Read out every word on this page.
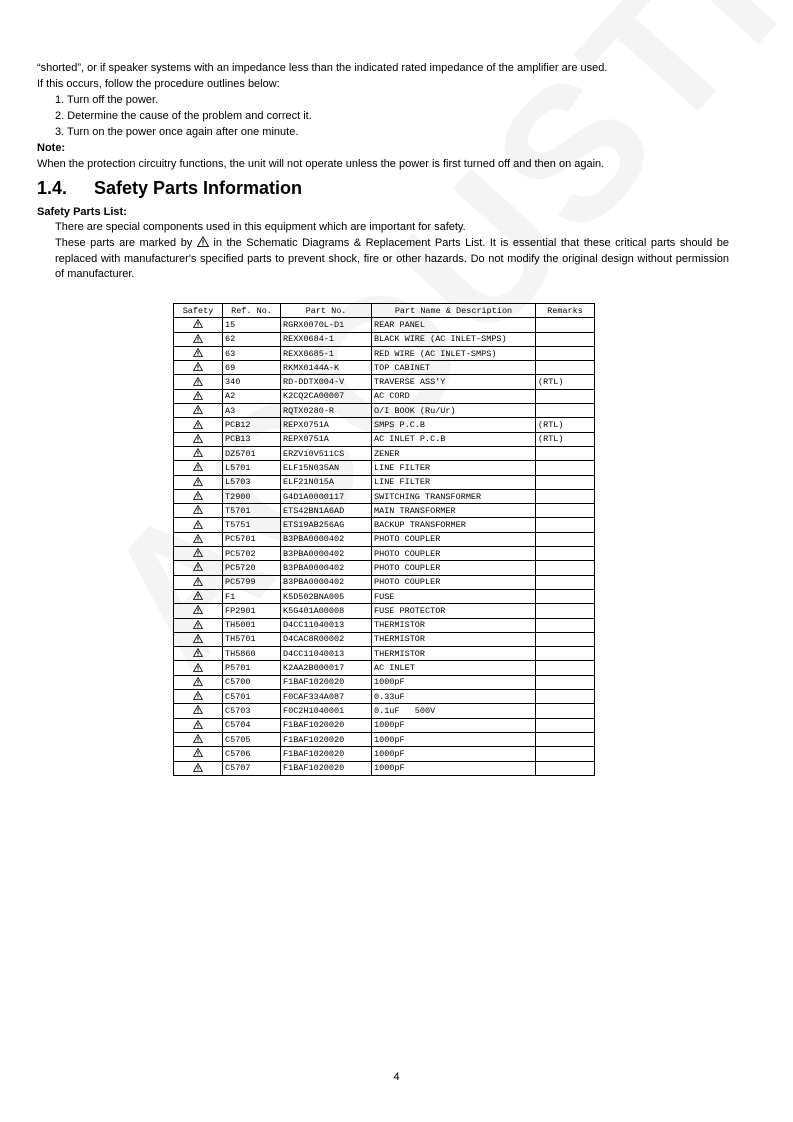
“shorted”, or if speaker systems with an impedance less than the indicated rated impedance of the amplifier are used.
If this occurs, follow the procedure outlines below:
1. Turn off the power.
2. Determine the cause of the problem and correct it.
3. Turn on the power once again after one minute.
Note:
When the protection circuitry functions, the unit will not operate unless the power is first turned off and then on again.
1.4. Safety Parts Information
Safety Parts List:
There are special components used in this equipment which are important for safety.
These parts are marked by in the Schematic Diagrams & Replacement Parts List. It is essential that these critical parts should be replaced with manufacturer's specified parts to prevent shock, fire or other hazards. Do not modify the original design without permission of manufacturer.
Safety	Ref. No.	Part No.	Part Name & Description	Remarks
	15	RGRX0070L-D1	REAR PANEL	
	62	REXX0684-1	BLACK WIRE (AC INLET-SMPS)	
	63	REXX0685-1	RED WIRE (AC INLET-SMPS)	
	69	RKMX0144A-K	TOP CABINET	
	340	RD-DDTX004-V	TRAVERSE ASS'Y	(RTL)
	A2	K2CQ2CA00007	AC CORD	
	A3	RQTX0280-R	O/I BOOK (Ru/Ur)	
	PCB12	REPX0751A	SMPS P.C.B	(RTL)
	PCB13	REPX0751A	AC INLET P.C.B	(RTL)
	DZ5701	ERZV10V511CS	ZENER	
	L5701	ELF15N035AN	LINE FILTER	
	L5703	ELF21N015A	LINE FILTER	
	T2900	G4D1A0000117	SWITCHING TRANSFORMER	
	T5701	ETS42BN1A6AD	MAIN TRANSFORMER	
	T5751	ETS19AB256AG	BACKUP TRANSFORMER	
	PC5701	B3PBA0000402	PHOTO COUPLER	
	PC5702	B3PBA0000402	PHOTO COUPLER	
	PC5720	B3PBA0000402	PHOTO COUPLER	
	PC5799	B3PBA0000402	PHOTO COUPLER	
	F1	K5D502BNA005	FUSE	
	FP2901	K5G401A00008	FUSE PROTECTOR	
	TH5001	D4CC11040013	THERMISTOR	
	TH5701	D4CAC8R00002	THERMISTOR	
	TH5860	D4CC11040013	THERMISTOR	
	P5701	K2AA2B000017	AC INLET	
	C5700	F1BAF1020020	1000pF	
	C5701	F0CAF334A087	0.33uF	
	C5703	F0C2H1040001	0.1uF   500V	
	C5704	F1BAF1020020	1000pF	
	C5705	F1BAF1020020	1000pF	
	C5706	F1BAF1020020	1000pF	
	C5707	F1BAF1020020	1000pF	
4
